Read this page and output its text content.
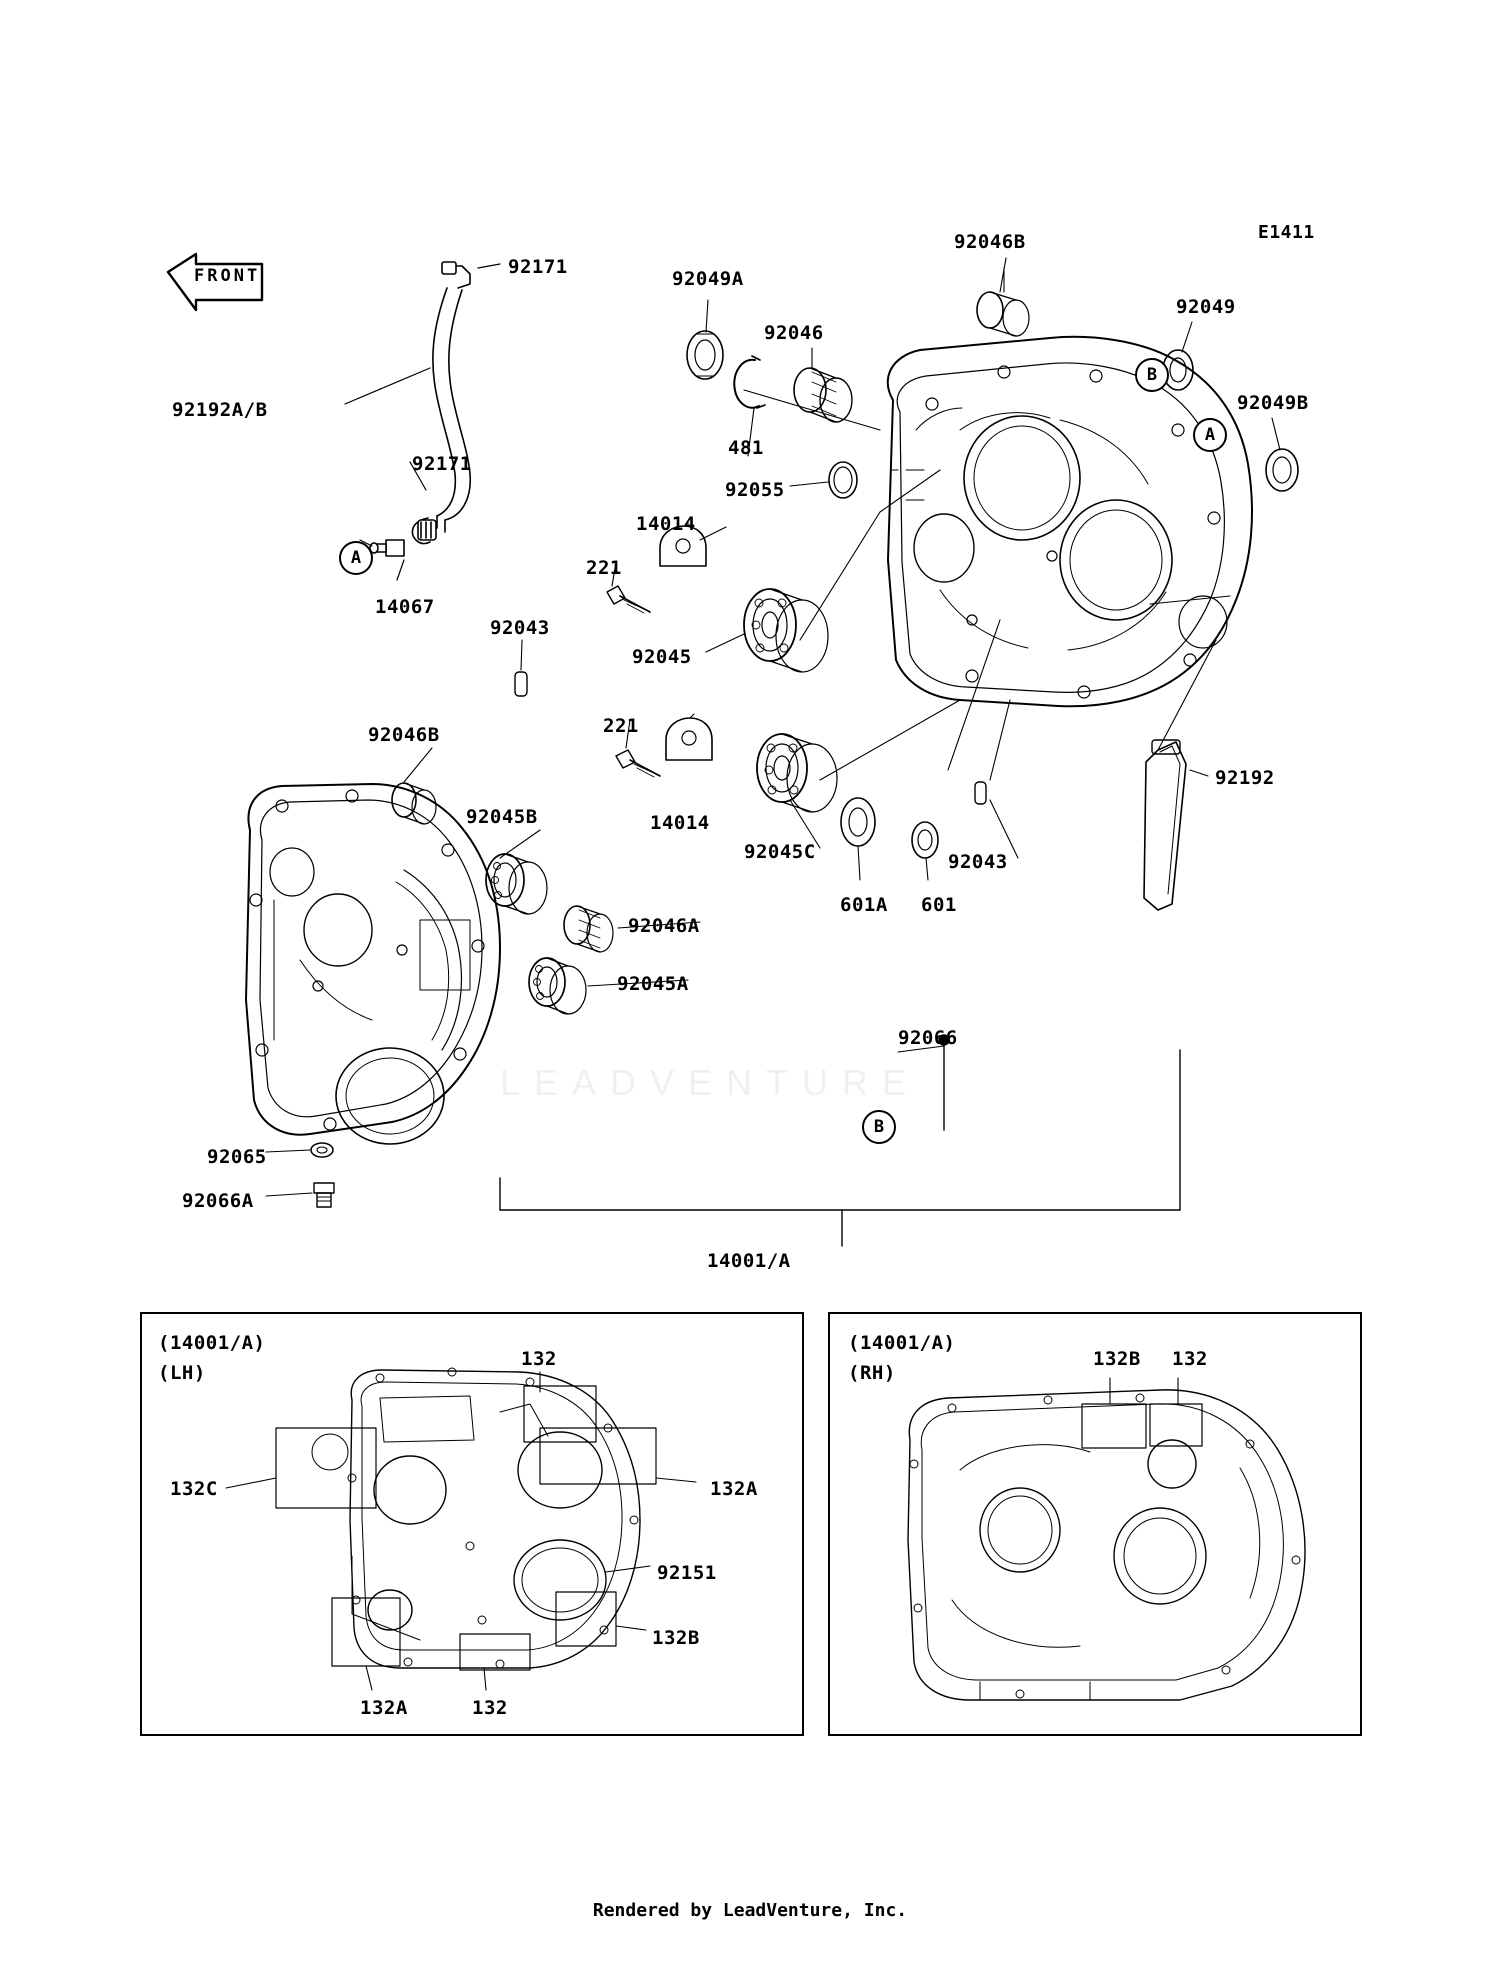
FRONT
E1411
92171
92049A
92046B
92049
92046
92049B
92192A/B
481
92171
92055
14014
221
14067
92043
92045
92046B	221
92192
14014
92045B
92045C	92043
601A 601
92046A
92045A
92066
92065
92066A
14001/A
B
A
A
B
(14001/A)
(LH)
(14001/A)
(RH)
132
132C	132A
92151
132B
132A	132
132B 132
LEADVENTURE
Rendered by LeadVenture, Inc.
